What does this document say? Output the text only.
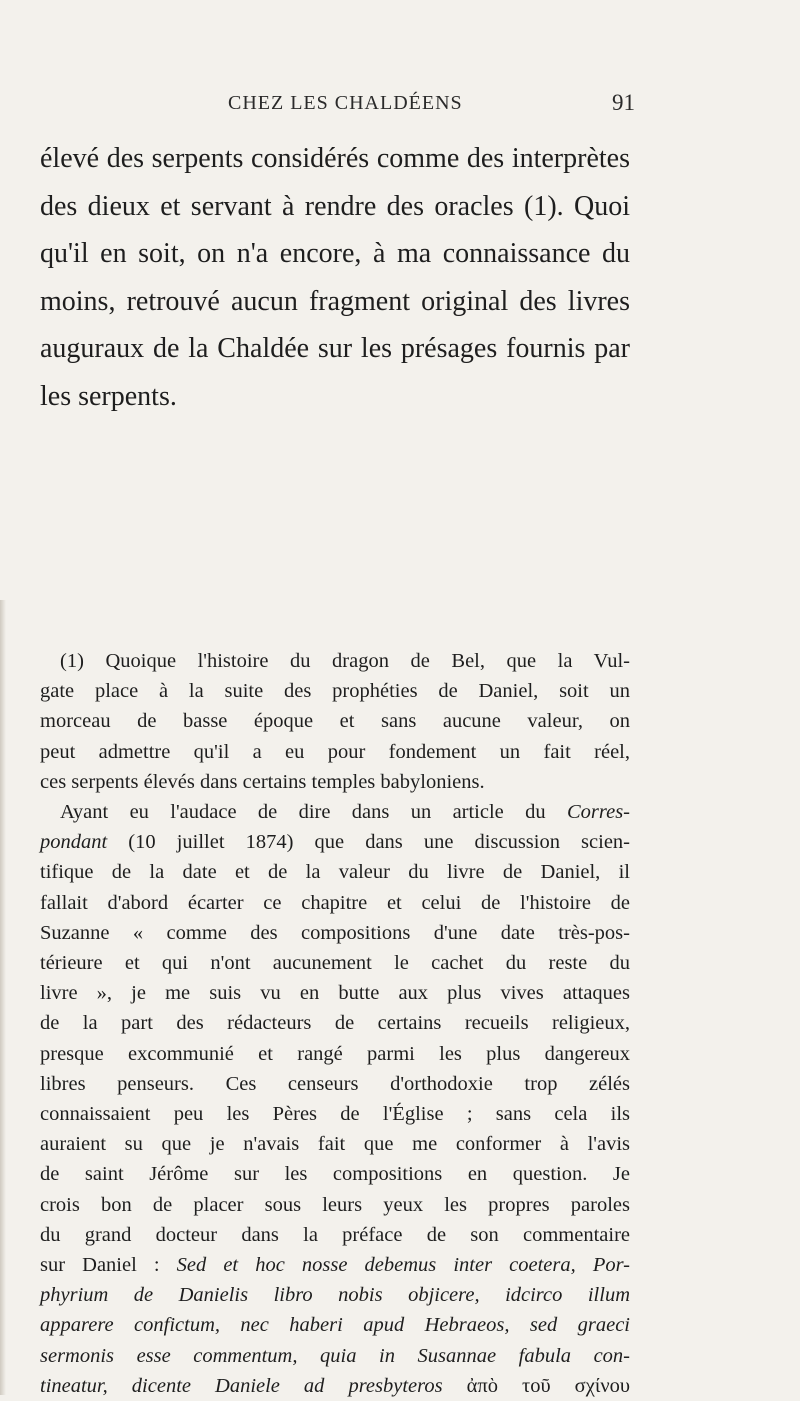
CHEZ LES CHALDÉENS	91
élevé des serpents considérés comme des interprètes
des dieux et servant à rendre des oracles (1). Quoi
qu'il en soit, on n'a encore, à ma connaissance du
moins, retrouvé aucun fragment original des livres
auguraux de la Chaldée sur les présages fournis par
les serpents.
(1) Quoique l'histoire du dragon de Bel, que la Vul-
gate place à la suite des prophéties de Daniel, soit un
morceau de basse époque et sans aucune valeur, on
peut admettre qu'il a eu pour fondement un fait réel,
ces serpents élevés dans certains temples babyloniens.
Ayant eu l'audace de dire dans un article du Corres-
pondant (10 juillet 1874) que dans une discussion scien-
tifique de la date et de la valeur du livre de Daniel, il
fallait d'abord écarter ce chapitre et celui de l'histoire de
Suzanne « comme des compositions d'une date très-pos-
térieure et qui n'ont aucunement le cachet du reste du
livre », je me suis vu en butte aux plus vives attaques
de la part des rédacteurs de certains recueils religieux,
presque excommunié et rangé parmi les plus dangereux
libres penseurs. Ces censeurs d'orthodoxie trop zélés
connaissaient peu les Pères de l'Église ; sans cela ils
auraient su que je n'avais fait que me conformer à l'avis
de saint Jérôme sur les compositions en question. Je
crois bon de placer sous leurs yeux les propres paroles
du grand docteur dans la préface de son commentaire
sur Daniel : Sed et hoc nosse debemus inter coetera, Por-
phyrium de Danielis libro nobis objicere, idcirco illum
apparere confictum, nec haberi apud Hebraeos, sed graeci
sermonis esse commentum, quia in Susannae fabula con-
tineatur, dicente Daniele ad presbyteros ἀπὸ τοῦ σχίνου
